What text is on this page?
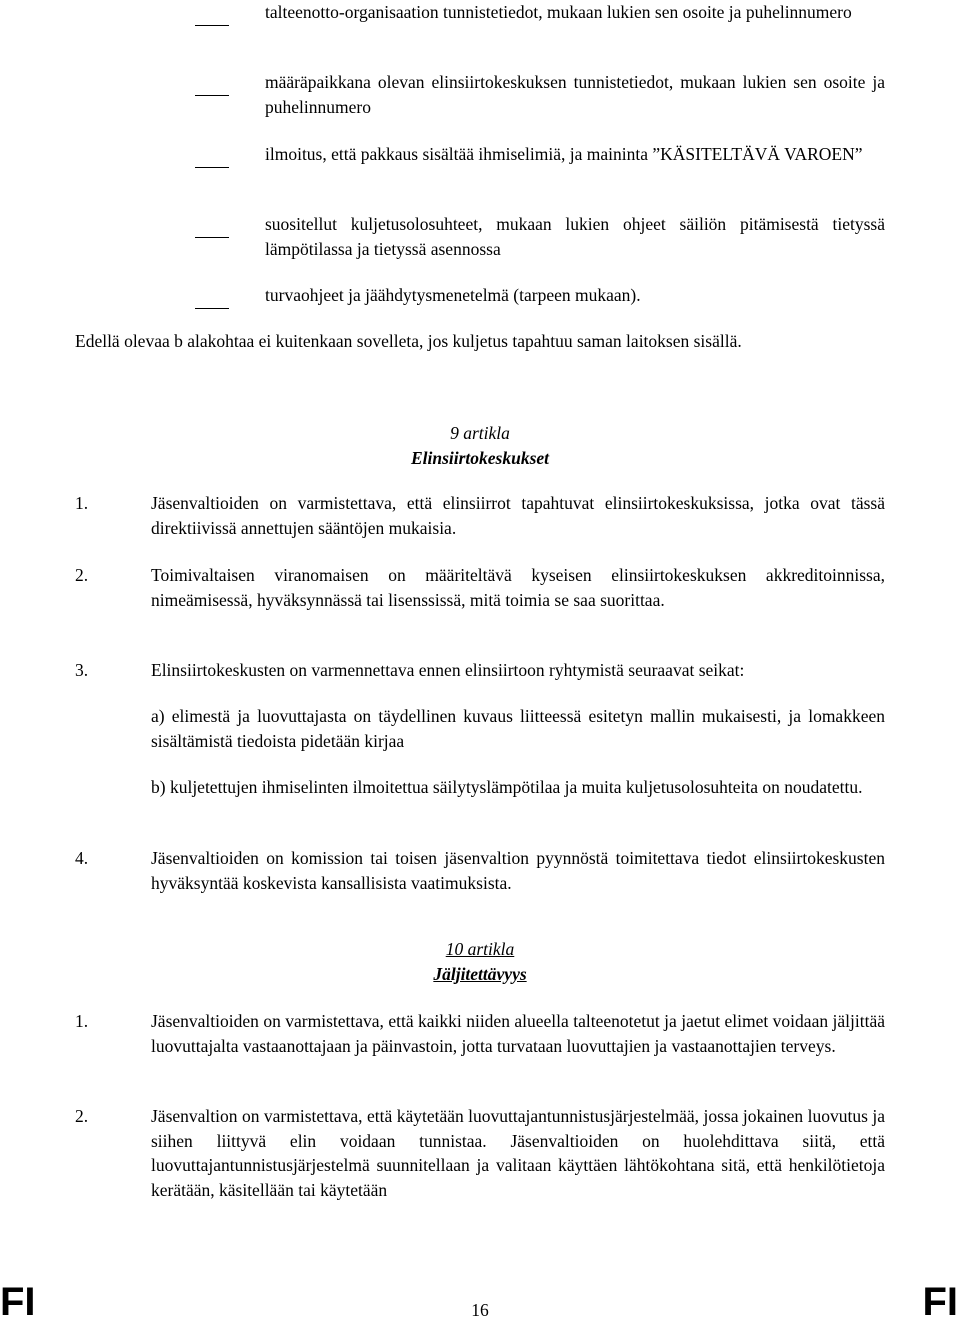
talteenotto-organisaation tunnistetiedot, mukaan lukien sen osoite ja puhelinnumero
määräpaikkana olevan elinsiirtokeskuksen tunnistetiedot, mukaan lukien sen osoite ja puhelinnumero
ilmoitus, että pakkaus sisältää ihmiselimiä, ja maininta ”KÄSITELTÄVÄ VAROEN”
suositellut kuljetusolosuhteet, mukaan lukien ohjeet säiliön pitämisestä tietyssä lämpötilassa ja tietyssä asennossa
turvaohjeet ja jäähdytysmenetelmä (tarpeen mukaan).
Edellä olevaa b alakohtaa ei kuitenkaan sovelleta, jos kuljetus tapahtuu saman laitoksen sisällä.
9 artikla
Elinsiirtokeskukset
1.	Jäsenvaltioiden on varmistettava, että elinsiirrot tapahtuvat elinsiirtokeskuksissa, jotka ovat tässä direktiivissä annettujen sääntöjen mukaisia.
2.	Toimivaltaisen viranomaisen on määriteltävä kyseisen elinsiirtokeskuksen akkreditoinnissa, nimeämisessä, hyväksynnässä tai lisenssissä, mitä toimia se saa suorittaa.
3.	Elinsiirtokeskusten on varmennettava ennen elinsiirtoon ryhtymistä seuraavat seikat:
a) elimestä ja luovuttajasta on täydellinen kuvaus liitteessä esitetyn mallin mukaisesti, ja lomakkeen sisältämistä tiedoista pidetään kirjaa
b) kuljetettujen ihmiselinten ilmoitettua säilytyslämpötilaa ja muita kuljetusolosuhteita on noudatettu.
4.	Jäsenvaltioiden on komission tai toisen jäsenvaltion pyynnöstä toimitettava tiedot elinsiirtokeskusten hyväksyntää koskevista kansallisista vaatimuksista.
10 artikla
Jäljitettävyys
1.	Jäsenvaltioiden on varmistettava, että kaikki niiden alueella talteenotetut ja jaetut elimet voidaan jäljittää luovuttajalta vastaanottajaan ja päinvastoin, jotta turvataan luovuttajien ja vastaanottajien terveys.
2.	Jäsenvaltion on varmistettava, että käytetään luovuttajantunnistusjärjestelmää, jossa jokainen luovutus ja siihen liittyvä elin voidaan tunnistaa. Jäsenvaltioiden on huolehdittava siitä, että luovuttajantunnistusjärjestelmä suunnitellaan ja valitaan käyttäen lähtökohtana sitä, että henkilötietoja kerätään, käsitellään tai käytetään
FI	16	FI
